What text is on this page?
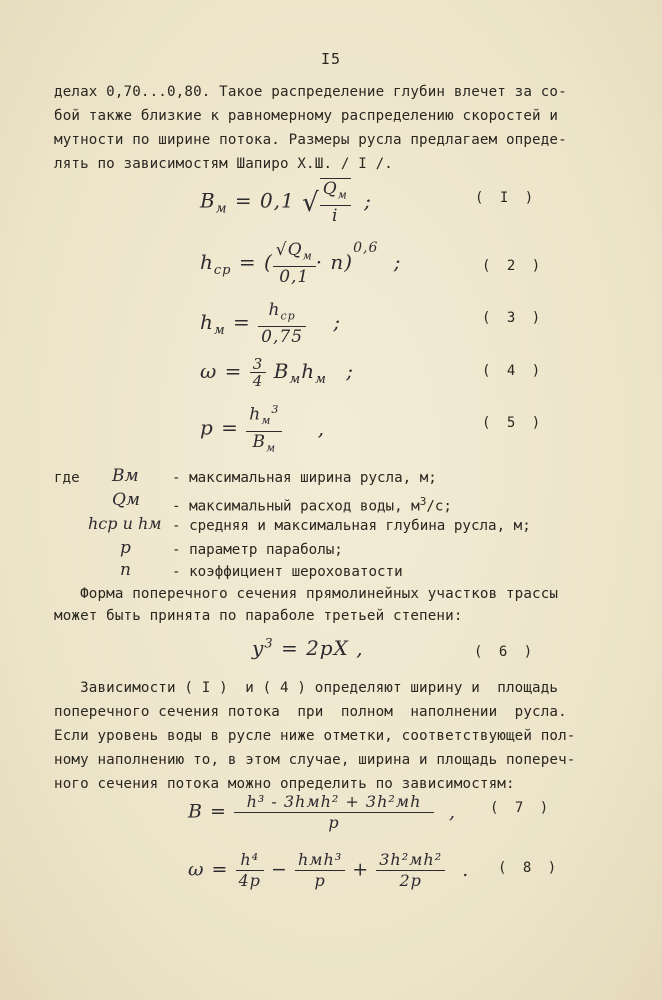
I5
делах 0,70...0,80. Такое распределение глубин влечет за со-
бой также близкие к равномерному распределению скоростей и
мутности по ширине потока. Размеры русла предлагаем опреде-
лять по зависимостям Шапиро Х.Ш. / I /.
$B_м = 0,1$ √ $\frac{Q_м}{i}$ ;	( I )
$h_{ср}$ = ( $\frac{√Q_м}{0,1} \cdot n)^{0,6}$ ;	( 2 )
$h_м = \frac{h_{ср}}{0,75}$ ;	( 3 )
$\omega = \frac{3}{4} B_мh_м$ ;	( 4 )
$p = \frac{h_м^3}{B_м}$ ,	( 5 )
где Bм - максимальная ширина русла, м;
Qм - максимальный расход воды, $м^3/с$;
hср и hм - средняя и максимальная глубина русла, м;
p	- параметр параболы;
n	- коэффициент шероховатости
Форма поперечного сечения прямолинейных участков трассы
может быть принята по параболе третьей степени:
$y^3 = 2pX$ ,	( 6 )
Зависимости ( I )  и ( 4 ) определяют ширину и  площадь
поперечного сечения потока  при  полном  наполнении  русла.
Если уровень воды в русле ниже отметки, соответствующей пол-
ному наполнению то, в этом случае, ширина и площадь попереч-
ного сечения потока можно определить по зависимостям:
$B = \frac{\text{h³ - 3hмh² + 3h²мh}}{p}$ , ( 7 )
$\omega = \frac{\text{h⁴}}{4p} - \frac{\text{hмh³}}{p} + \frac{\text{3h²мh²}}{2p}$ . ( 8 )
